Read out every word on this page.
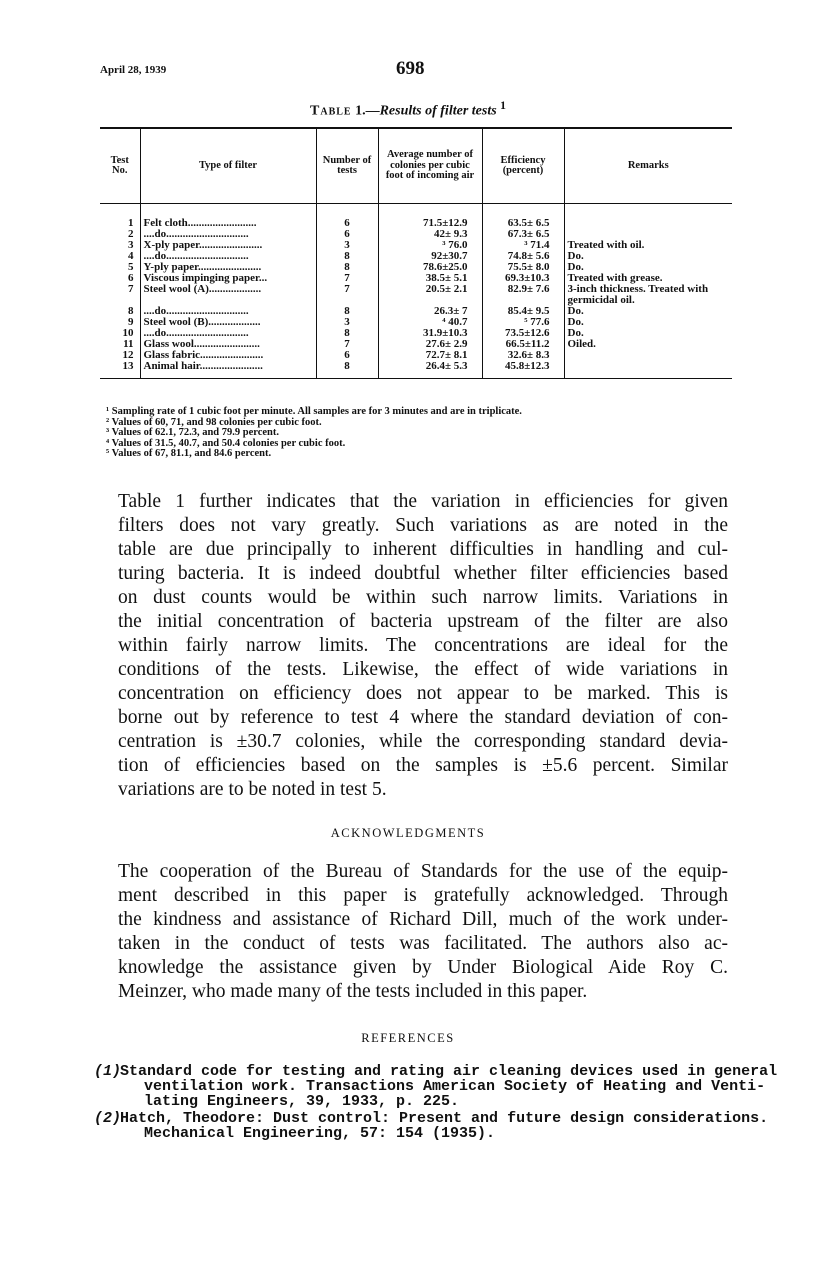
April 28, 1939	698
Table 1.—Results of filter tests $^1$
Test No.	Type of filter	Number of tests	Average number of colonies per cubic foot of incoming air	Efficiency (percent)	Remarks
1	Felt cloth.........................	6	71.5±12.9	63.5± 6.5	
2	....do..............................	6	42± 9.3	67.3± 6.5	
3	X-ply paper.......................	3	³ 76.0	³ 71.4	Treated with oil.
4	....do..............................	8	92±30.7	74.8± 5.6	Do.
5	Y-ply paper.......................	8	78.6±25.0	75.5± 8.0	Do.
6	Viscous impinging paper...	7	38.5± 5.1	69.3±10.3	Treated with grease.
7	Steel wool (A)...................	7	20.5± 2.1	82.9± 7.6	3-inch thickness. Treated with germicidal oil.
8	....do..............................	8	26.3± 7	85.4± 9.5	Do.
9	Steel wool (B)...................	3	⁴ 40.7	⁵ 77.6	Do.
10	....do..............................	8	31.9±10.3	73.5±12.6	Do.
11	Glass wool........................	7	27.6± 2.9	66.5±11.2	Oiled.
12	Glass fabric.......................	6	72.7± 8.1	32.6± 8.3	
13	Animal hair.......................	8	26.4± 5.3	45.8±12.3	
¹ Sampling rate of 1 cubic foot per minute. All samples are for 3 minutes and are in triplicate.
² Values of 60, 71, and 98 colonies per cubic foot.
³ Values of 62.1, 72.3, and 79.9 percent.
⁴ Values of 31.5, 40.7, and 50.4 colonies per cubic foot.
⁵ Values of 67, 81.1, and 84.6 percent.
Table 1 further indicates that the variation in efficiencies for given
filters does not vary greatly. Such variations as are noted in the
table are due principally to inherent difficulties in handling and cul-
turing bacteria. It is indeed doubtful whether filter efficiencies based
on dust counts would be within such narrow limits. Variations in
the initial concentration of bacteria upstream of the filter are also
within fairly narrow limits. The concentrations are ideal for the
conditions of the tests. Likewise, the effect of wide variations in
concentration on efficiency does not appear to be marked. This is
borne out by reference to test 4 where the standard deviation of con-
centration is ±30.7 colonies, while the corresponding standard devia-
tion of efficiencies based on the samples is ±5.6 percent. Similar
variations are to be noted in test 5.
ACKNOWLEDGMENTS
The cooperation of the Bureau of Standards for the use of the equip-
ment described in this paper is gratefully acknowledged. Through
the kindness and assistance of Richard Dill, much of the work under-
taken in the conduct of tests was facilitated. The authors also ac-
knowledge the assistance given by Under Biological Aide Roy C.
Meinzer, who made many of the tests included in this paper.
REFERENCES
(1)
Standard code for testing and rating air cleaning devices used in general
ventilation work. Transactions American Society of Heating and Venti-
lating Engineers, 39, 1933, p. 225.
(2)
Hatch, Theodore: Dust control: Present and future design considerations.
Mechanical Engineering, 57: 154 (1935).
